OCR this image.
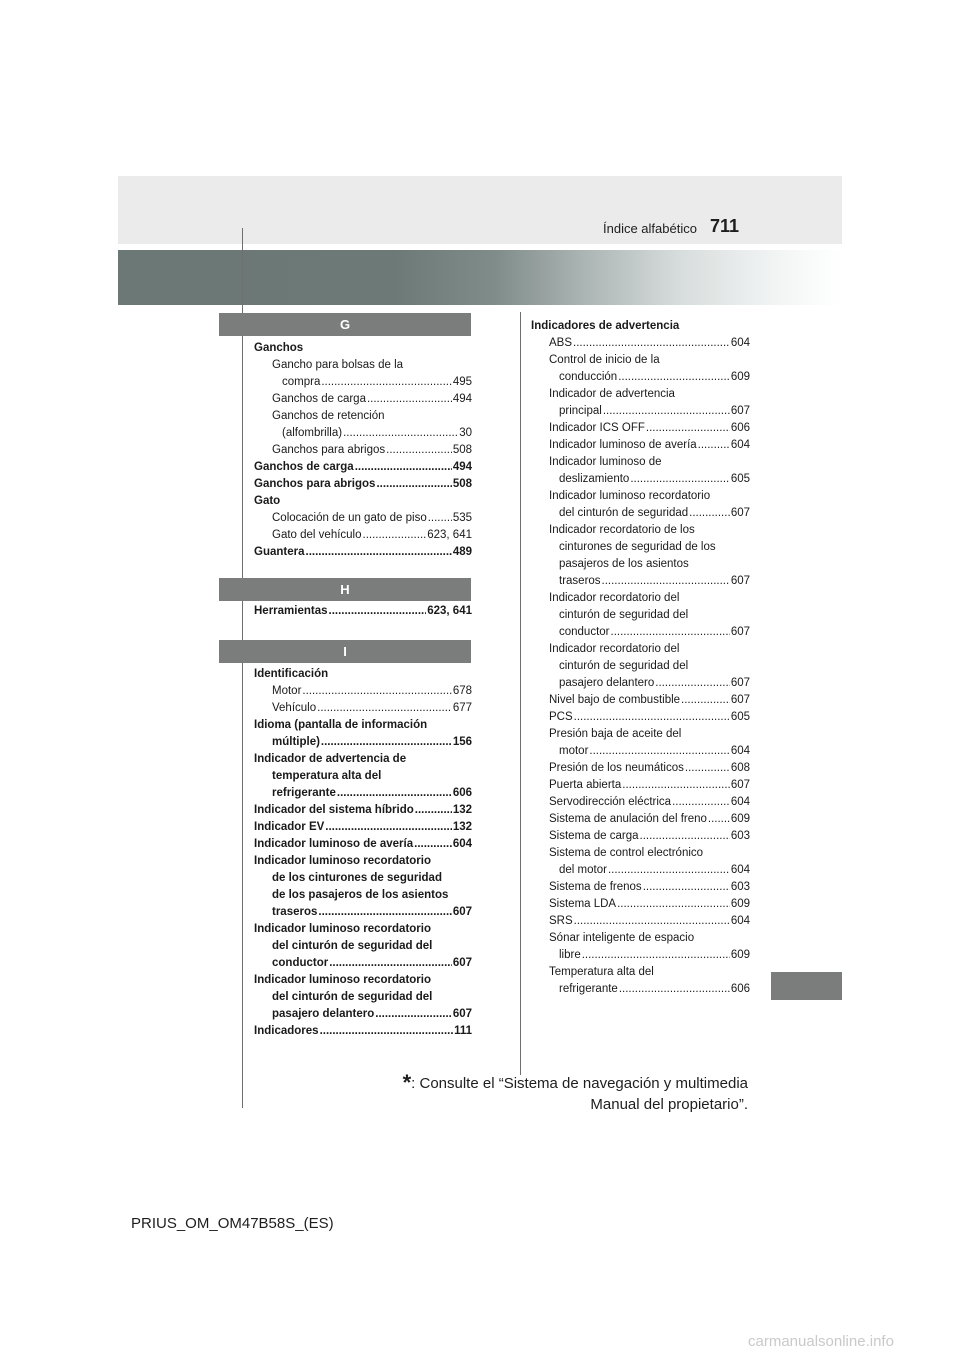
711
Índice alfabético
G
Ganchos
Gancho para bolsas de la
compra . . .	495
Ganchos de carga . . .	494
Ganchos de retención
(alfombrilla) . . .	30
Ganchos para abrigos . . .	508
Ganchos de carga . . .	494
Ganchos para abrigos . . .	508
Gato
Colocación de un gato de piso . . . 535
Gato del vehículo . . .	623, 641
Guantera . . .	489
H
Herramientas . . .	623, 641
I
Identificación
Motor . . .	678
Vehículo . . .	677
Idioma (pantalla de información
múltiple) . . .	156
Indicador de advertencia de
temperatura alta del
refrigerante . . .	606
Indicador del sistema híbrido . . .	132
Indicador EV . . .	132
Indicador luminoso de avería . . .	604
Indicador luminoso recordatorio
de los cinturones de seguridad
de los pasajeros de los asientos
traseros . . .	607
Indicador luminoso recordatorio
del cinturón de seguridad del
conductor . . .	607
Indicador luminoso recordatorio
del cinturón de seguridad del
pasajero delantero . . .	607
Indicadores . . .	111
Indicadores de advertencia
ABS . . .	604
Control de inicio de la
conducción . . .	609
Indicador de advertencia
principal . . .	607
Indicador ICS OFF . . .	606
Indicador luminoso de avería . . .	604
Indicador luminoso de
deslizamiento . . .	605
Indicador luminoso recordatorio
del cinturón de seguridad . . .	607
Indicador recordatorio de los
cinturones de seguridad de los
pasajeros de los asientos
traseros . . .	607
Indicador recordatorio del
cinturón de seguridad del
conductor . . .	607
Indicador recordatorio del
cinturón de seguridad del
pasajero delantero . . .	607
Nivel bajo de combustible . . .	607
PCS . . .	605
Presión baja de aceite del
motor . . .	604
Presión de los neumáticos . . .	608
Puerta abierta . . .	607
Servodirección eléctrica . . .	604
Sistema de anulación del freno . . . 609
Sistema de carga . . .	603
Sistema de control electrónico
del motor . . .	604
Sistema de frenos . . .	603
Sistema LDA . . .	609
SRS . . .	604
Sónar inteligente de espacio
libre . . .	609
Temperatura alta del
refrigerante . . .	606
*: Consulte el “Sistema de navegación y multimedia
Manual del propietario”.
PRIUS_OM_OM47B58S_(ES)
carmanualsonline.info
